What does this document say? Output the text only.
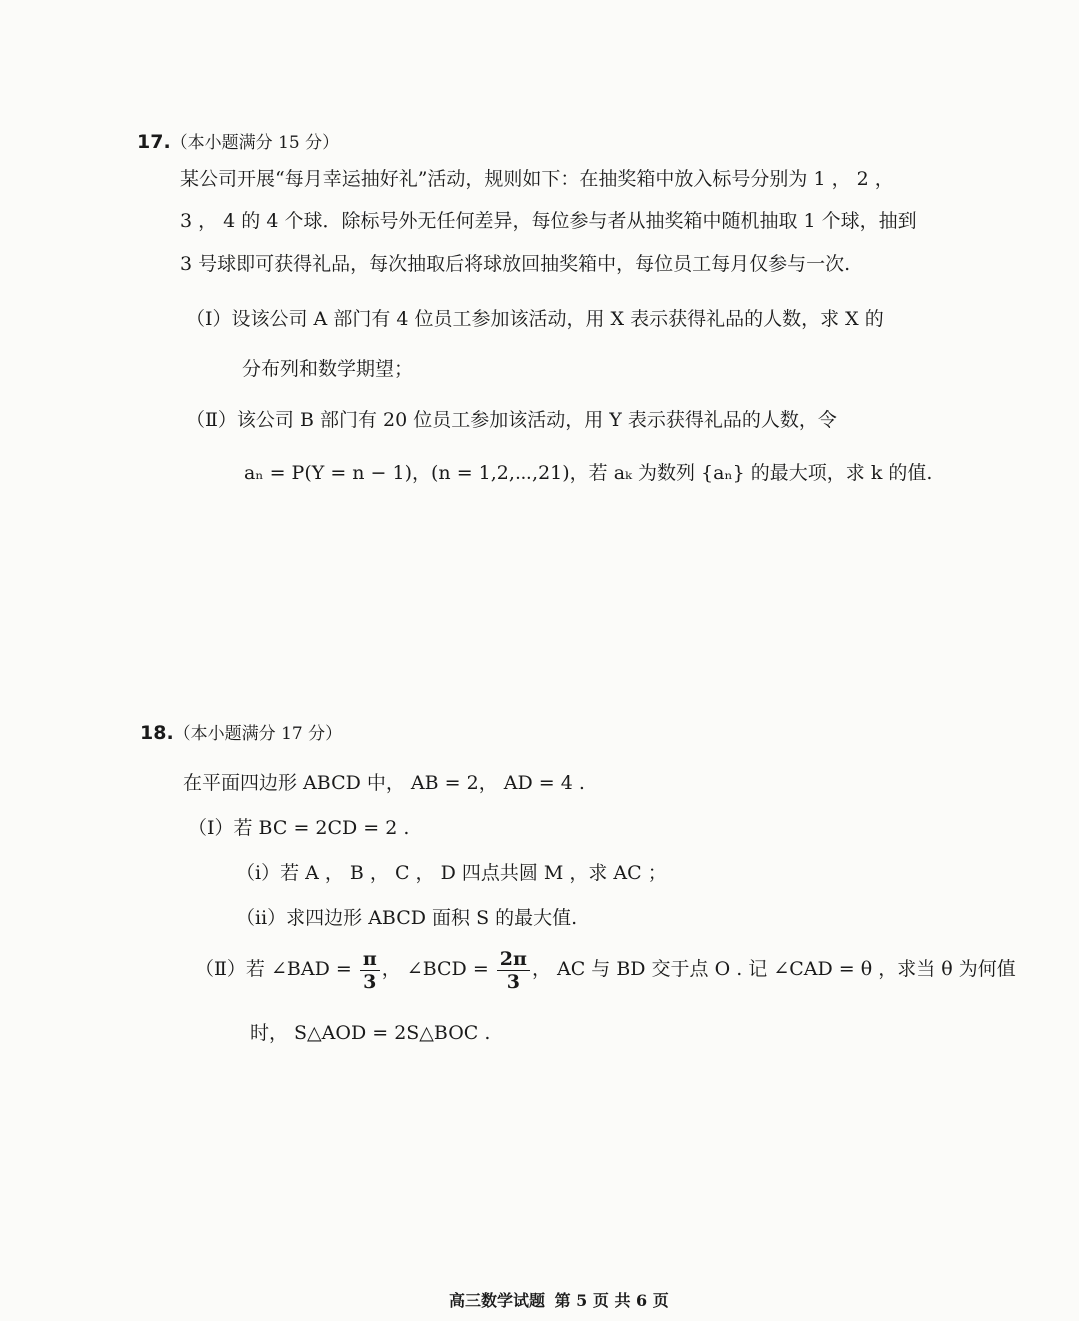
17.（本小题满分 15 分）
某公司开展“每月幸运抽好礼”活动，规则如下：在抽奖箱中放入标号分别为 1 ， 2 ，
3 ， 4 的 4 个球．除标号外无任何差异，每位参与者从抽奖箱中随机抽取 1 个球，抽到
3 号球即可获得礼品，每次抽取后将球放回抽奖箱中，每位员工每月仅参与一次.
（Ⅰ）设该公司 A 部门有 4 位员工参加该活动，用 X 表示获得礼品的人数，求 X 的
分布列和数学期望；
（Ⅱ）该公司 B 部门有 20 位员工参加该活动，用 Y 表示获得礼品的人数，令
aₙ = P(Y = n − 1)，(n = 1,2,⋯,21)，若 aₖ 为数列 {aₙ} 的最大项，求 k 的值.
18.（本小题满分 17 分）
在平面四边形 ABCD 中， AB = 2， AD = 4 .
（Ⅰ）若 BC = 2CD = 2 .
（ⅰ）若 A ， B ， C ， D 四点共圆 M ，求 AC ；
（ⅱ）求四边形 ABCD 面积 S 的最大值.
（Ⅱ）若 ∠BAD = $\frac{\pi}{3}$ ， ∠BCD = $\frac{2\pi}{3}$ ， AC 与 BD 交于点 O . 记 ∠CAD = θ ，求当 θ 为何值
时， S△AOD = 2S△BOC .
高三数学试题 第 5 页 共 6 页
